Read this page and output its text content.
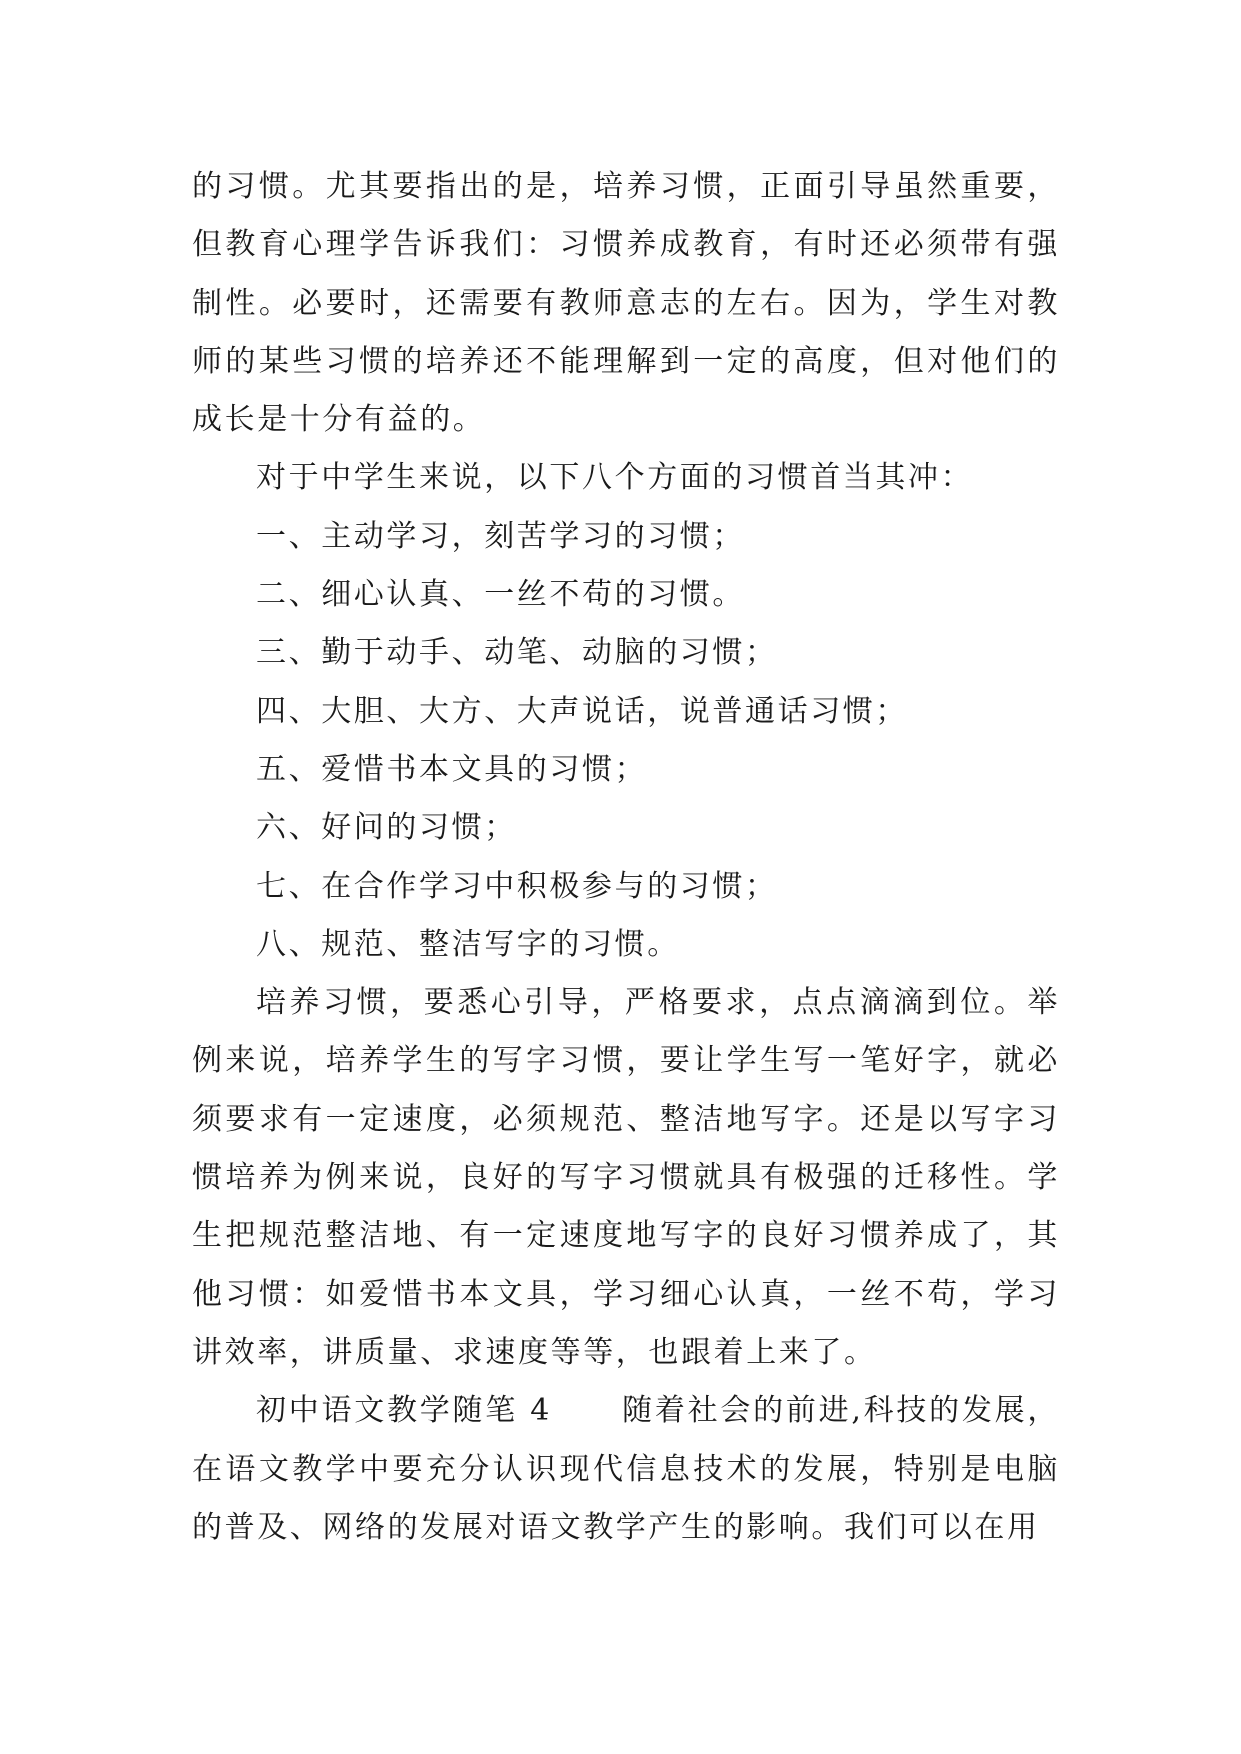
的习惯。尤其要指出的是，培养习惯，正面引导虽然重要，但教育心理学告诉我们：习惯养成教育，有时还必须带有强制性。必要时，还需要有教师意志的左右。因为，学生对教师的某些习惯的培养还不能理解到一定的高度，但对他们的成长是十分有益的。

对于中学生来说，以下八个方面的习惯首当其冲：

一、主动学习，刻苦学习的习惯；

二、细心认真、一丝不苟的习惯。

三、勤于动手、动笔、动脑的习惯；

四、大胆、大方、大声说话，说普通话习惯；

五、爱惜书本文具的习惯；

六、好问的习惯；

七、在合作学习中积极参与的习惯；

八、规范、整洁写字的习惯。

培养习惯，要悉心引导，严格要求，点点滴滴到位。举例来说，培养学生的写字习惯，要让学生写一笔好字，就必须要求有一定速度，必须规范、整洁地写字。还是以写字习惯培养为例来说，良好的写字习惯就具有极强的迁移性。学生把规范整洁地、有一定速度地写字的良好习惯养成了，其他习惯：如爱惜书本文具，学习细心认真，一丝不苟，学习讲效率，讲质量、求速度等等，也跟着上来了。

初中语文教学随笔 4 随着社会的前进,科技的发展，在语文教学中要充分认识现代信息技术的发展，特别是电脑的普及、网络的发展对语文教学产生的影响。我们可以在用
